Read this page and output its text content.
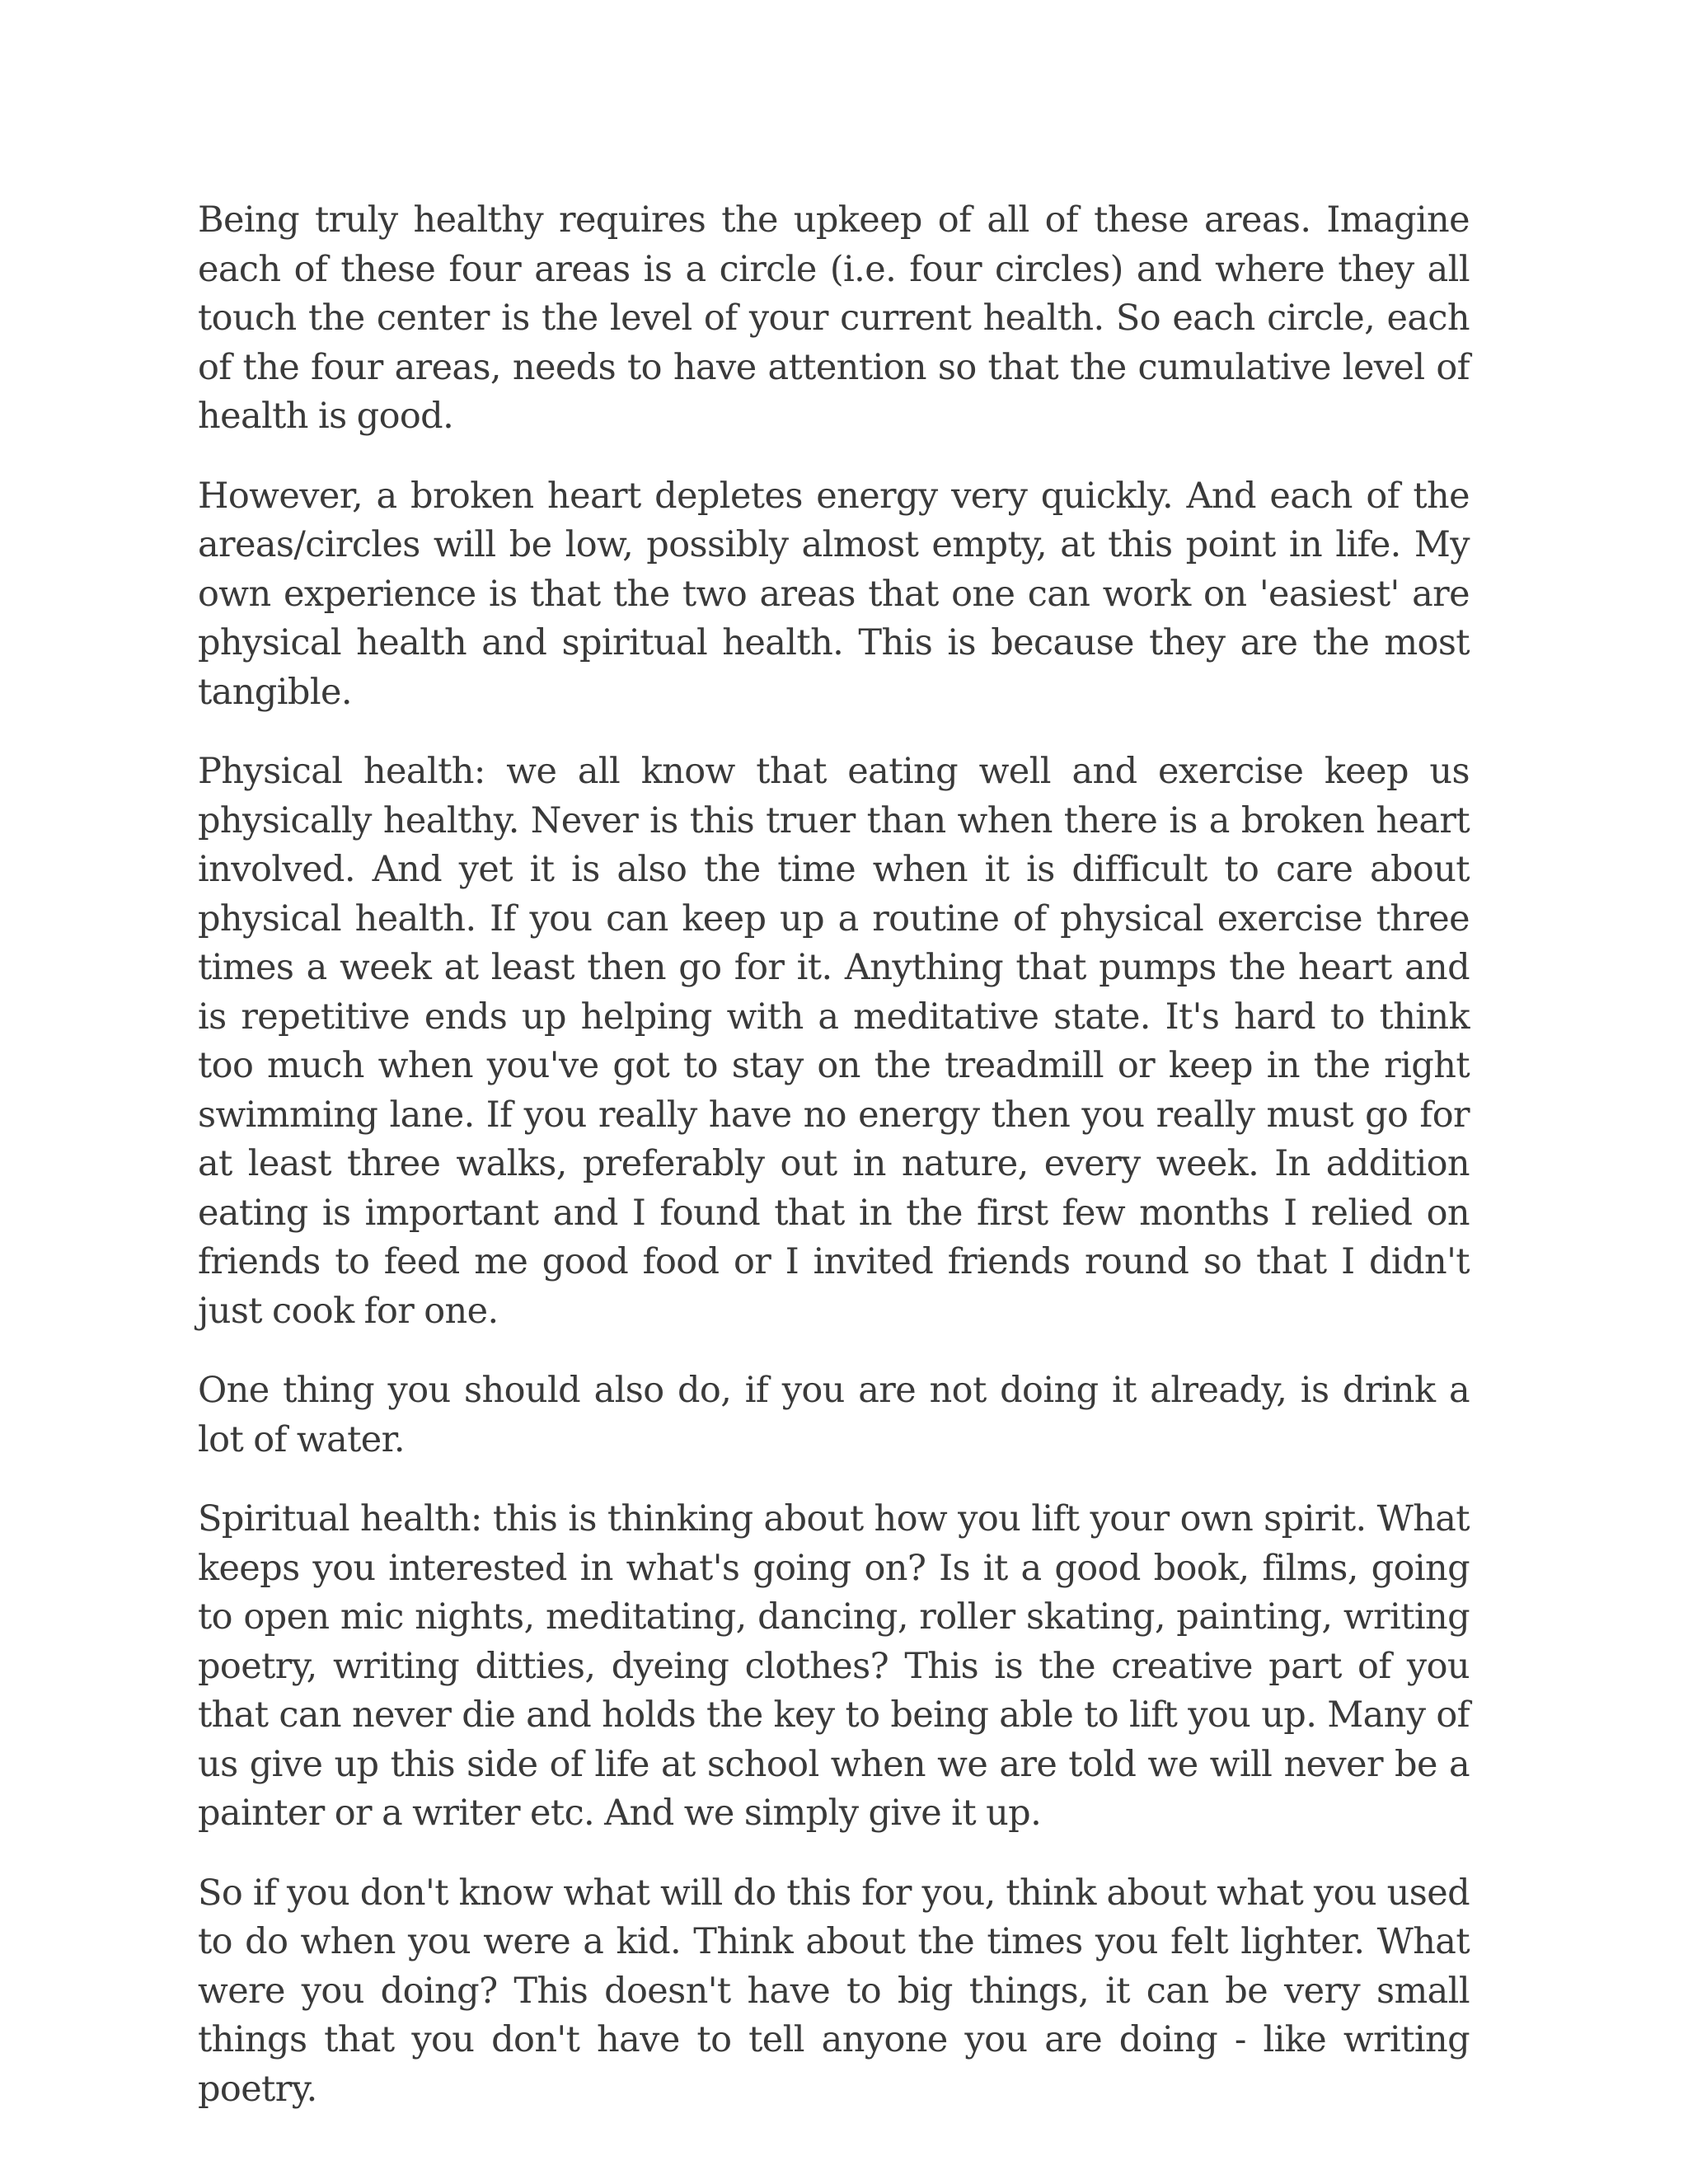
Being truly healthy requires the upkeep of all of these areas. Imagine each of these four areas is a circle (i.e. four circles) and where they all touch the center is the level of your current health. So each circle, each of the four areas, needs to have attention so that the cumulative level of health is good.

However, a broken heart depletes energy very quickly. And each of the areas/circles will be low, possibly almost empty, at this point in life. My own experience is that the two areas that one can work on 'easiest' are physical health and spiritual health. This is because they are the most tangible.

Physical health: we all know that eating well and exercise keep us physically healthy. Never is this truer than when there is a broken heart involved. And yet it is also the time when it is difficult to care about physical health. If you can keep up a routine of physical exercise three times a week at least then go for it. Anything that pumps the heart and is repetitive ends up helping with a meditative state. It's hard to think too much when you've got to stay on the treadmill or keep in the right swimming lane. If you really have no energy then you really must go for at least three walks, preferably out in nature, every week. In addition eating is important and I found that in the first few months I relied on friends to feed me good food or I invited friends round so that I didn't just cook for one.

One thing you should also do, if you are not doing it already, is drink a lot of water.

Spiritual health: this is thinking about how you lift your own spirit. What keeps you interested in what's going on? Is it a good book, films, going to open mic nights, meditating, dancing, roller skating, painting, writing poetry, writing ditties, dyeing clothes? This is the creative part of you that can never die and holds the key to being able to lift you up. Many of us give up this side of life at school when we are told we will never be a painter or a writer etc. And we simply give it up.

So if you don't know what will do this for you, think about what you used to do when you were a kid. Think about the times you felt lighter. What were you doing? This doesn't have to big things, it can be very small things that you don't have to tell anyone you are doing - like writing poetry.
